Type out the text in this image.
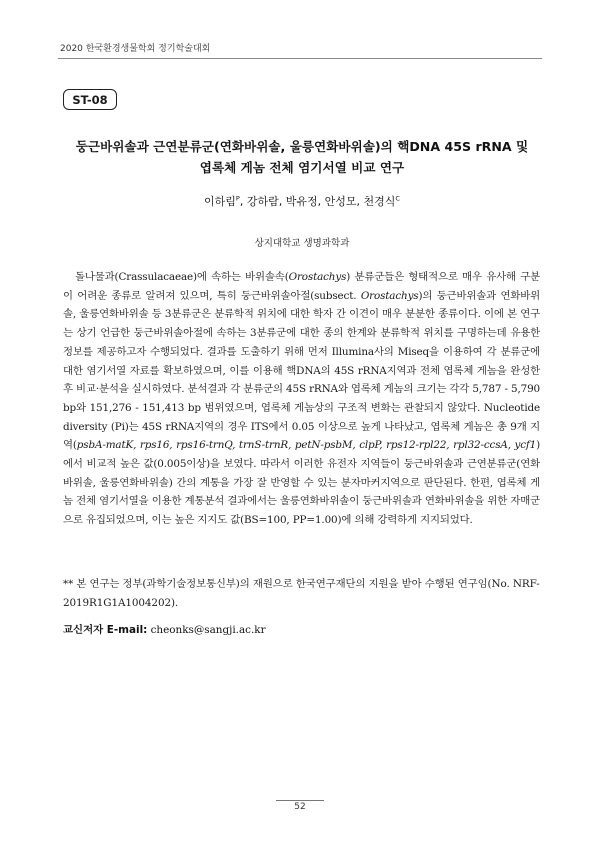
2020 한국환경생물학회 정기학술대회
ST-08
둥근바위솔과 근연분류군(연화바위솔, 울릉연화바위솔)의 핵DNA 45S rRNA 및
엽록체 게놈 전체 염기서열 비교 연구
이하림$^P$, 강하람, 박유정, 안성모, 천경식$^C$
상지대학교 생명과학과

돌나물과(Crassulacaeae)에 속하는 바위솔속(Orostachys) 분류군들은 형태적으로 매우 유사해 구분이 어려운 종류로 알려져 있으며, 특히 둥근바위솔아절(subsect. Orostachys)의 둥근바위솔과 연화바위솔, 울릉연화바위솔 등 3분류군은 분류학적 위치에 대한 학자 간 이견이 매우 분분한 종류이다. 이에 본 연구는 상기 언급한 둥근바위솔아절에 속하는 3분류군에 대한 종의 한계와 분류학적 위치를 구명하는데 유용한 정보를 제공하고자 수행되었다. 결과를 도출하기 위해 먼저 Illumina사의 Miseq을 이용하여 각 분류군에 대한 염기서열 자료를 확보하였으며, 이를 이용해 핵DNA의 45S rRNA지역과 전체 엽록체 게놈을 완성한 후 비교·분석을 실시하였다. 분석결과 각 분류군의 45S rRNA와 엽록체 게놈의 크기는 각각 5,787 - 5,790 bp와 151,276 - 151,413 bp 범위였으며, 엽록체 게놈상의 구조적 변화는 관찰되지 않았다. Nucleotide diversity (Pi)는 45S rRNA지역의 경우 ITS에서 0.05 이상으로 높게 나타났고, 엽록체 게놈은 총 9개 지역(psbA-matK, rps16, rps16-trnQ, trnS-trnR, petN-psbM, clpP, rps12-rpl22, rpl32-ccsA, ycf1)에서 비교적 높은 값(0.005이상)을 보였다. 따라서 이러한 유전자 지역들이 둥근바위솔과 근연분류군(연화바위솔, 울릉연화바위솔) 간의 계통을 가장 잘 반영할 수 있는 분자마커지역으로 판단된다. 한편, 엽록체 게놈 전체 염기서열을 이용한 계통분석 결과에서는 울릉연화바위솔이 둥근바위솔과 연화바위솔을 위한 자매군으로 유집되었으며, 이는 높은 지지도 값(BS=100, PP=1.00)에 의해 강력하게 지지되었다.

** 본 연구는 정부(과학기술정보통신부)의 재원으로 한국연구재단의 지원을 받아 수행된 연구임(No. NRF-2019R1G1A1004202).

교신저자 E-mail: cheonks@sangji.ac.kr
52
